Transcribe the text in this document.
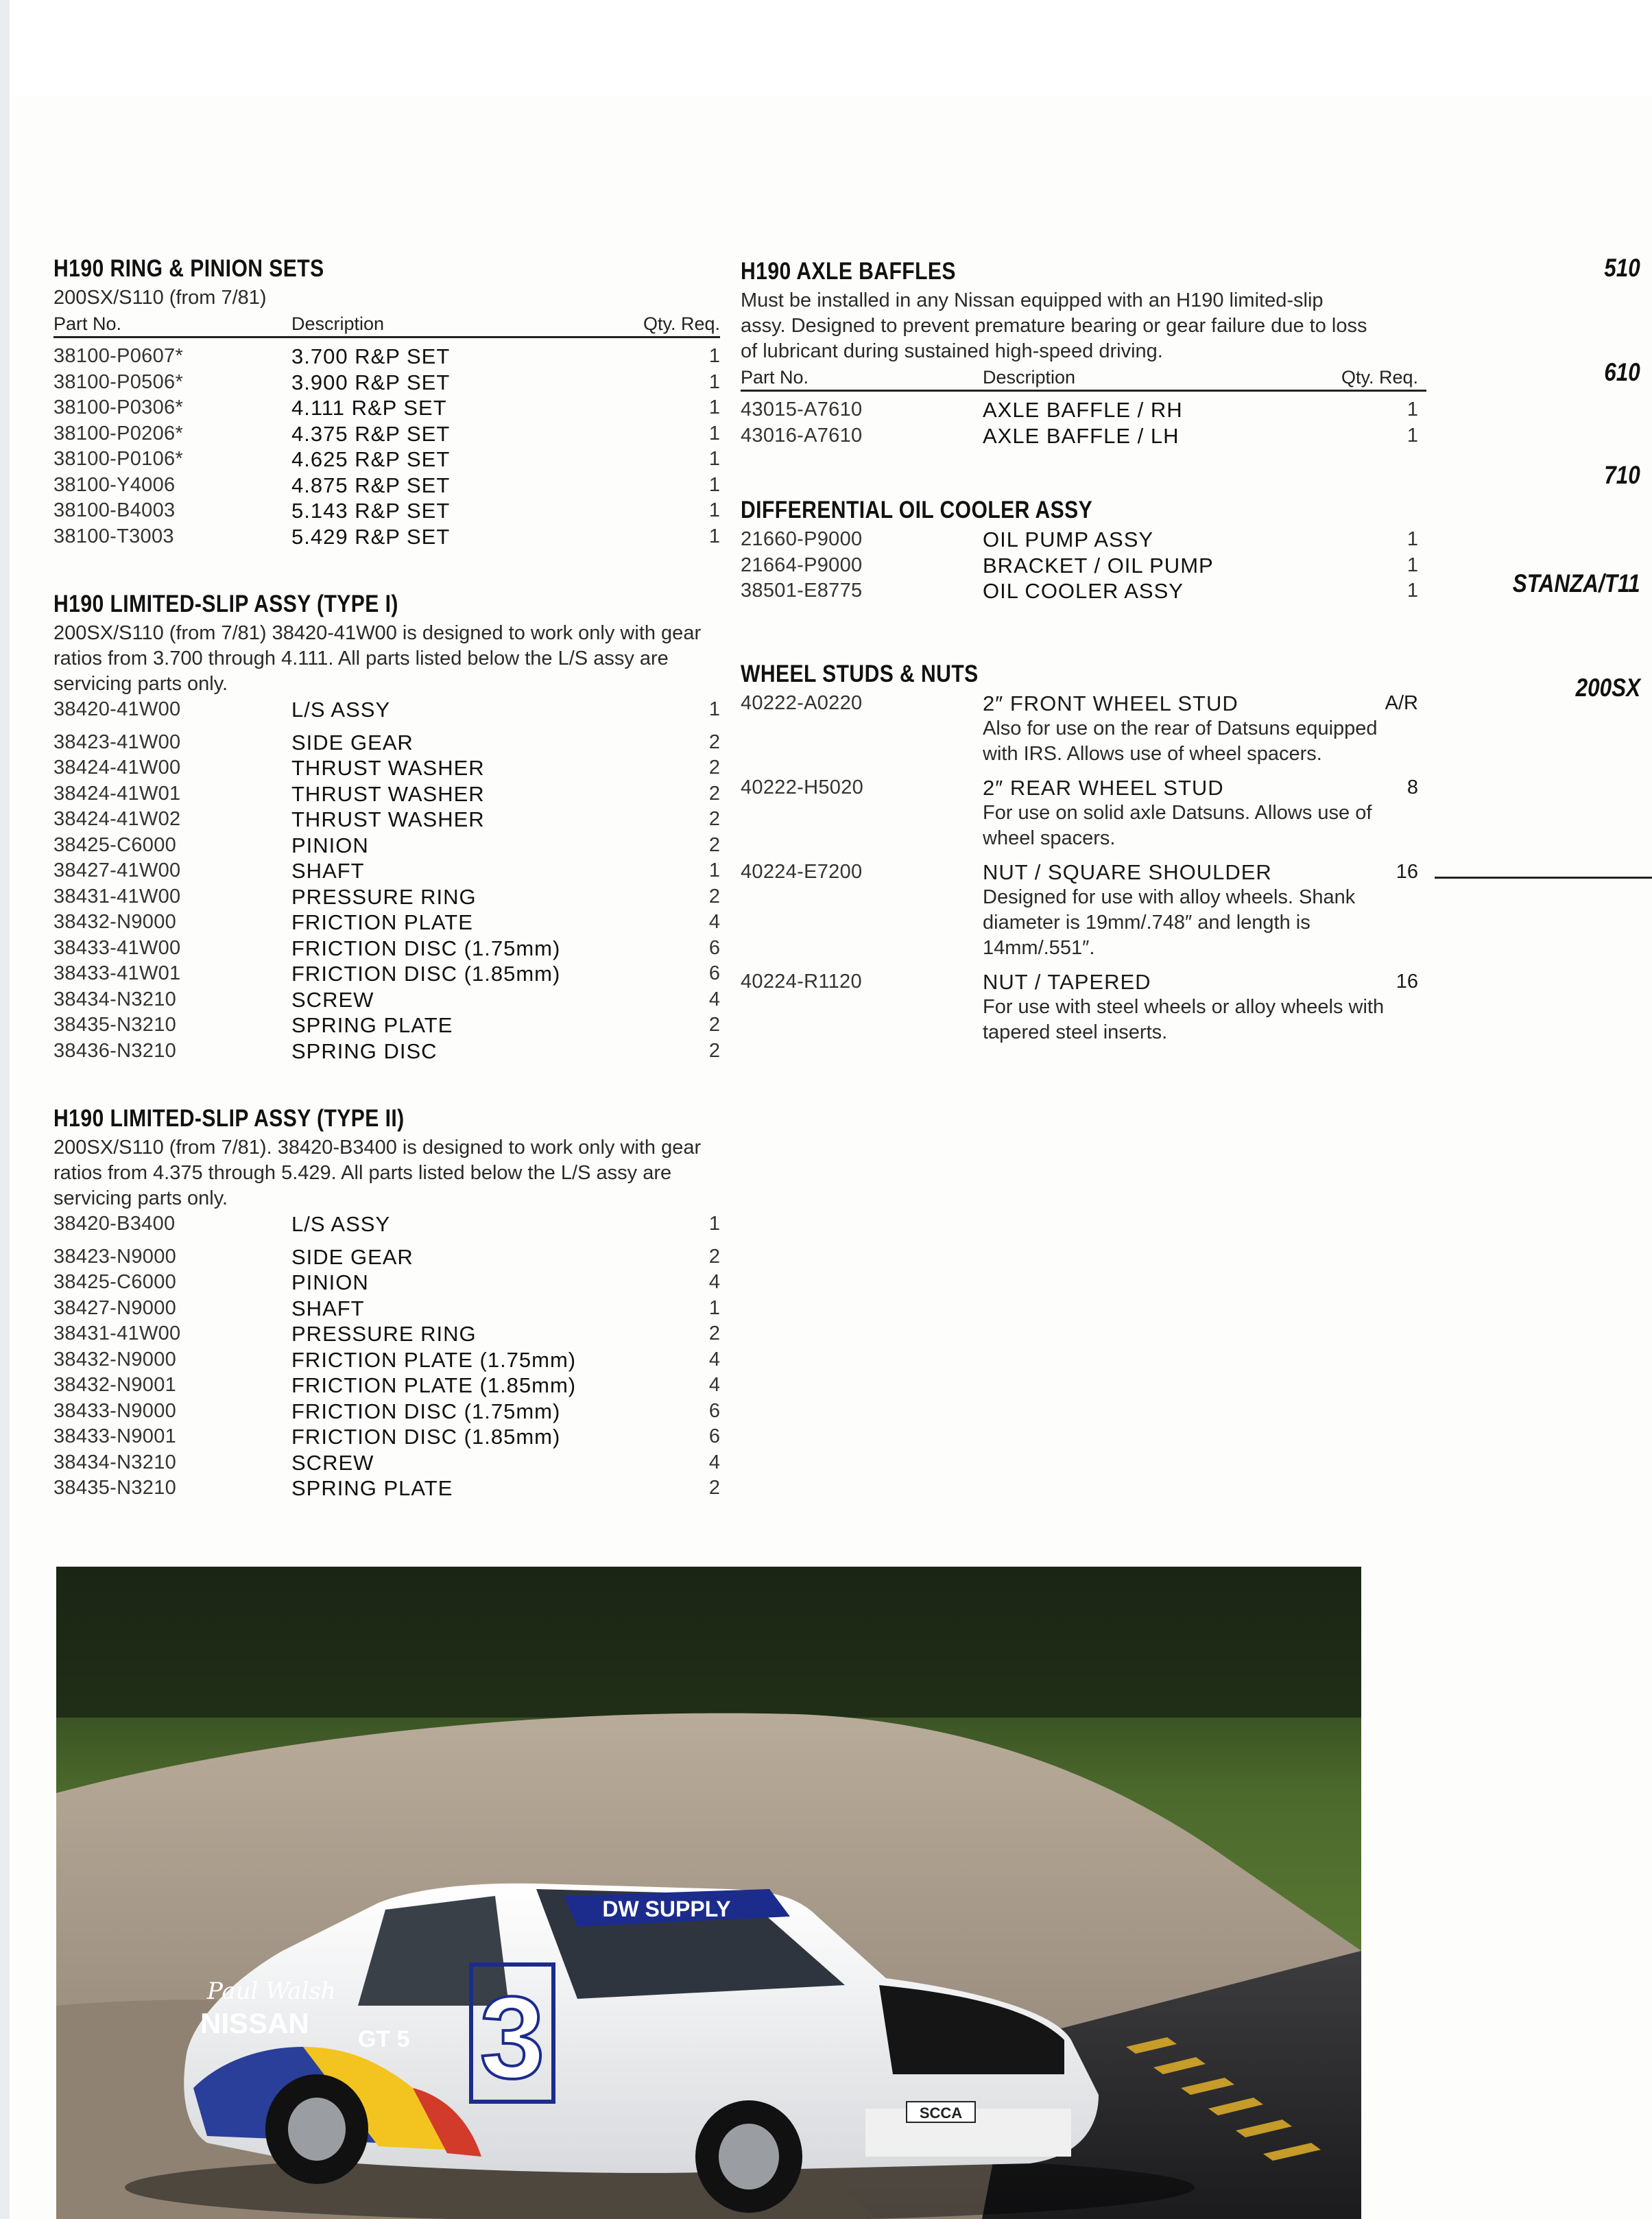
H190 RING & PINION SETS
200SX/S110 (from 7/81)
Part No.	Description	Qty. Req.
38100-P0607*	3.700 R&P SET	1
38100-P0506*	3.900 R&P SET	1
38100-P0306*	4.111 R&P SET	1
38100-P0206*	4.375 R&P SET	1
38100-P0106*	4.625 R&P SET	1
38100-Y4006	4.875 R&P SET	1
38100-B4003	5.143 R&P SET	1
38100-T3003	5.429 R&P SET	1
H190 LIMITED-SLIP ASSY (TYPE I)
200SX/S110 (from 7/81) 38420-41W00 is designed to work only with gear ratios from 3.700 through 4.111. All parts listed below the L/S assy are servicing parts only.
38420-41W00	L/S ASSY	1
38423-41W00	SIDE GEAR	2
38424-41W00	THRUST WASHER	2
38424-41W01	THRUST WASHER	2
38424-41W02	THRUST WASHER	2
38425-C6000	PINION	2
38427-41W00	SHAFT	1
38431-41W00	PRESSURE RING	2
38432-N9000	FRICTION PLATE	4
38433-41W00	FRICTION DISC (1.75mm)	6
38433-41W01	FRICTION DISC (1.85mm)	6
38434-N3210	SCREW	4
38435-N3210	SPRING PLATE	2
38436-N3210	SPRING DISC	2
H190 LIMITED-SLIP ASSY (TYPE II)
200SX/S110 (from 7/81). 38420-B3400 is designed to work only with gear ratios from 4.375 through 5.429. All parts listed below the L/S assy are servicing parts only.
38420-B3400	L/S ASSY	1
38423-N9000	SIDE GEAR	2
38425-C6000	PINION	4
38427-N9000	SHAFT	1
38431-41W00	PRESSURE RING	2
38432-N9000	FRICTION PLATE (1.75mm)	4
38432-N9001	FRICTION PLATE (1.85mm)	4
38433-N9000	FRICTION DISC (1.75mm)	6
38433-N9001	FRICTION DISC (1.85mm)	6
38434-N3210	SCREW	4
38435-N3210	SPRING PLATE	2
H190 AXLE BAFFLES
Must be installed in any Nissan equipped with an H190 limited-slip assy. Designed to prevent premature bearing or gear failure due to loss of lubricant during sustained high-speed driving.
Part No.	Description	Qty. Req.
43015-A7610	AXLE BAFFLE / RH	1
43016-A7610	AXLE BAFFLE / LH	1
DIFFERENTIAL OIL COOLER ASSY
21660-P9000	OIL PUMP ASSY	1
21664-P9000	BRACKET / OIL PUMP	1
38501-E8775	OIL COOLER ASSY	1
WHEEL STUDS & NUTS
40222-A0220	2″ FRONT WHEEL STUD	A/R
Also for use on the rear of Datsuns equipped with IRS. Allows use of wheel spacers.
40222-H5020	2″ REAR WHEEL STUD	8
For use on solid axle Datsuns. Allows use of wheel spacers.
40224-E7200	NUT / SQUARE SHOULDER	16
Designed for use with alloy wheels. Shank diameter is 19mm/.748″ and length is 14mm/.551″.
40224-R1120	NUT / TAPERED	16
For use with steel wheels or alloy wheels with tapered steel inserts.
510
610
710
STANZA/T11
200SX
DW SUPPLY
3
Paul Walsh
NISSAN GT 5
SCCA
